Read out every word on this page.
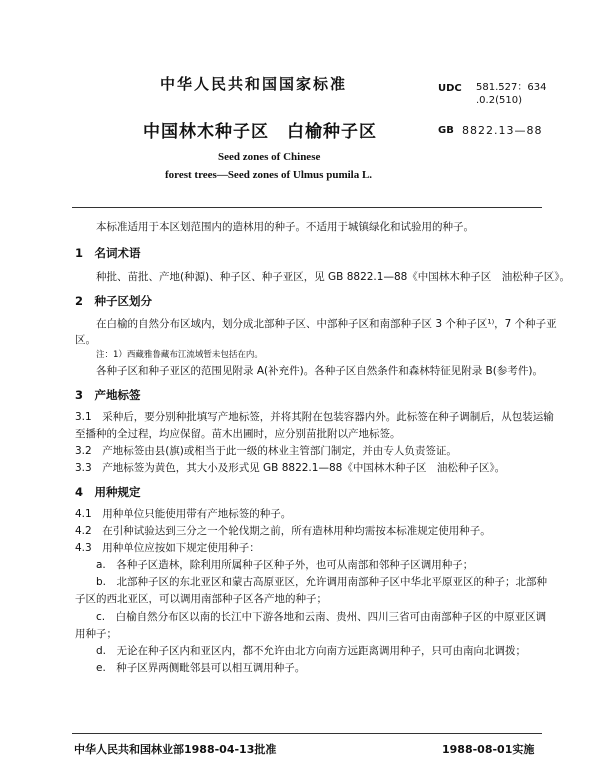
中华人民共和国国家标准	UDC 581.527：634
.0.2(510)
中国林木种子区　白榆种子区	GB 8822.13—88
Seed zones of Chinese
forest trees—Seed zones of Ulmus pumila L.
本标准适用于本区划范围内的造林用的种子。不适用于城镇绿化和试验用的种子。
1　名词术语
种批、苗批、产地(种源)、种子区、种子亚区，见 GB 8822.1—88《中国林木种子区　油松种子区》。
2　种子区划分
在白榆的自然分布区域内，划分成北部种子区、中部种子区和南部种子区 3 个种子区¹⁾，7 个种子亚
区。
注：1）西藏雅鲁藏布江流域暂未包括在内。
各种子区和种子亚区的范围见附录 A(补充件)。各种子区自然条件和森林特征见附录 B(参考件)。
3　产地标签
3.1　采种后，要分别种批填写产地标签，并将其附在包装容器内外。此标签在种子调制后，从包装运输
至播种的全过程，均应保留。苗木出圃时，应分别苗批附以产地标签。
3.2　产地标签由县(旗)或相当于此一级的林业主管部门制定，并由专人负责签证。
3.3　产地标签为黄色，其大小及形式见 GB 8822.1—88《中国林木种子区　油松种子区》。
4　用种规定
4.1　用种单位只能使用带有产地标签的种子。
4.2　在引种试验达到三分之一个轮伐期之前，所有造林用种均需按本标准规定使用种子。
4.3　用种单位应按如下规定使用种子：
a.　各种子区造林，除利用所属种子区种子外，也可从南部和邻种子区调用种子；
b.　北部种子区的东北亚区和蒙古高原亚区，允许调用南部种子区中华北平原亚区的种子；北部种
子区的西北亚区，可以调用南部种子区各产地的种子；
c.　白榆自然分布区以南的长江中下游各地和云南、贵州、四川三省可由南部种子区的中原亚区调
用种子；
d.　无论在种子区内和亚区内，都不允许由北方向南方远距离调用种子，只可由南向北调拨；
e.　种子区界两侧毗邻县可以相互调用种子。
中华人民共和国林业部1988-04-13批准	1988-08-01实施
